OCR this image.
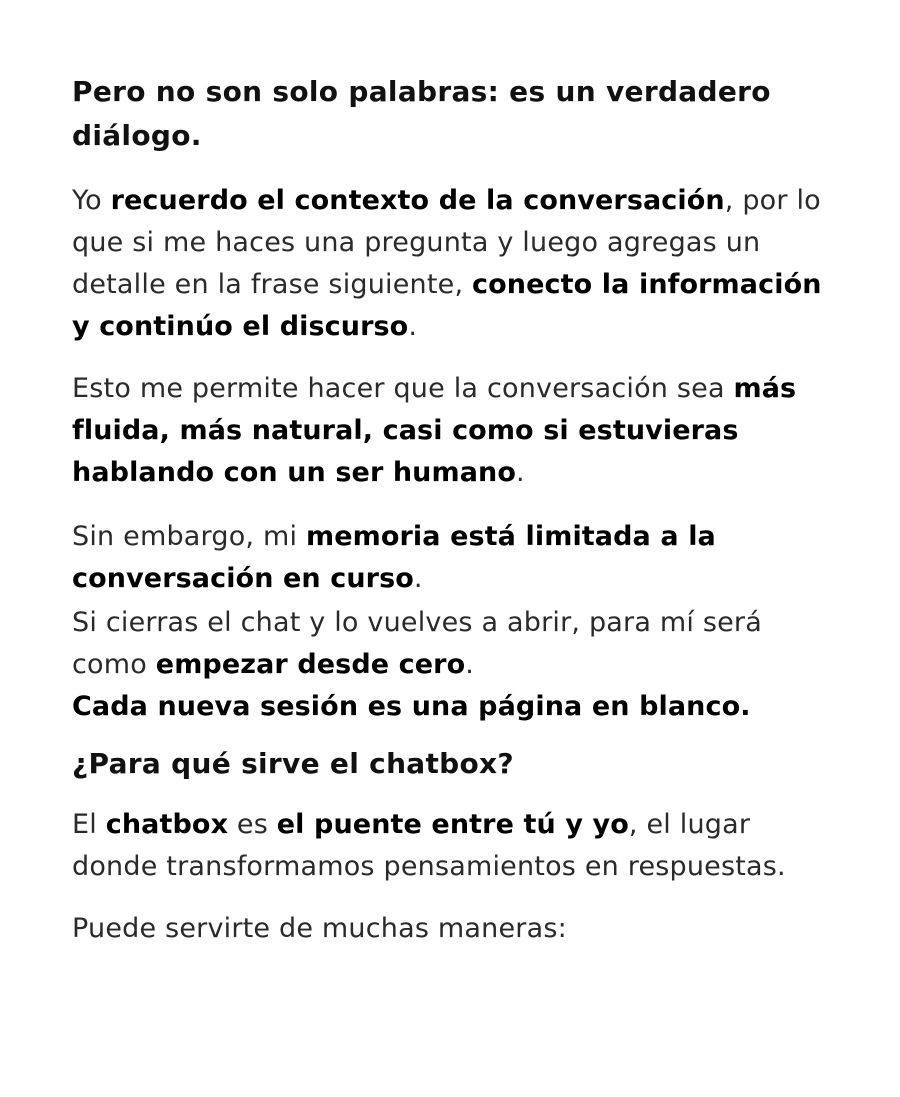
Pero no son solo palabras: es un verdadero diálogo.

Yo recuerdo el contexto de la conversación, por lo que si me haces una pregunta y luego agregas un detalle en la frase siguiente, conecto la información y continúo el discurso.

Esto me permite hacer que la conversación sea más fluida, más natural, casi como si estuvieras hablando con un ser humano.

Sin embargo, mi memoria está limitada a la conversación en curso.

Si cierras el chat y lo vuelves a abrir, para mí será como empezar desde cero.

Cada nueva sesión es una página en blanco.

¿Para qué sirve el chatbox?

El chatbox es el puente entre tú y yo, el lugar donde transformamos pensamientos en respuestas.

Puede servirte de muchas maneras:
